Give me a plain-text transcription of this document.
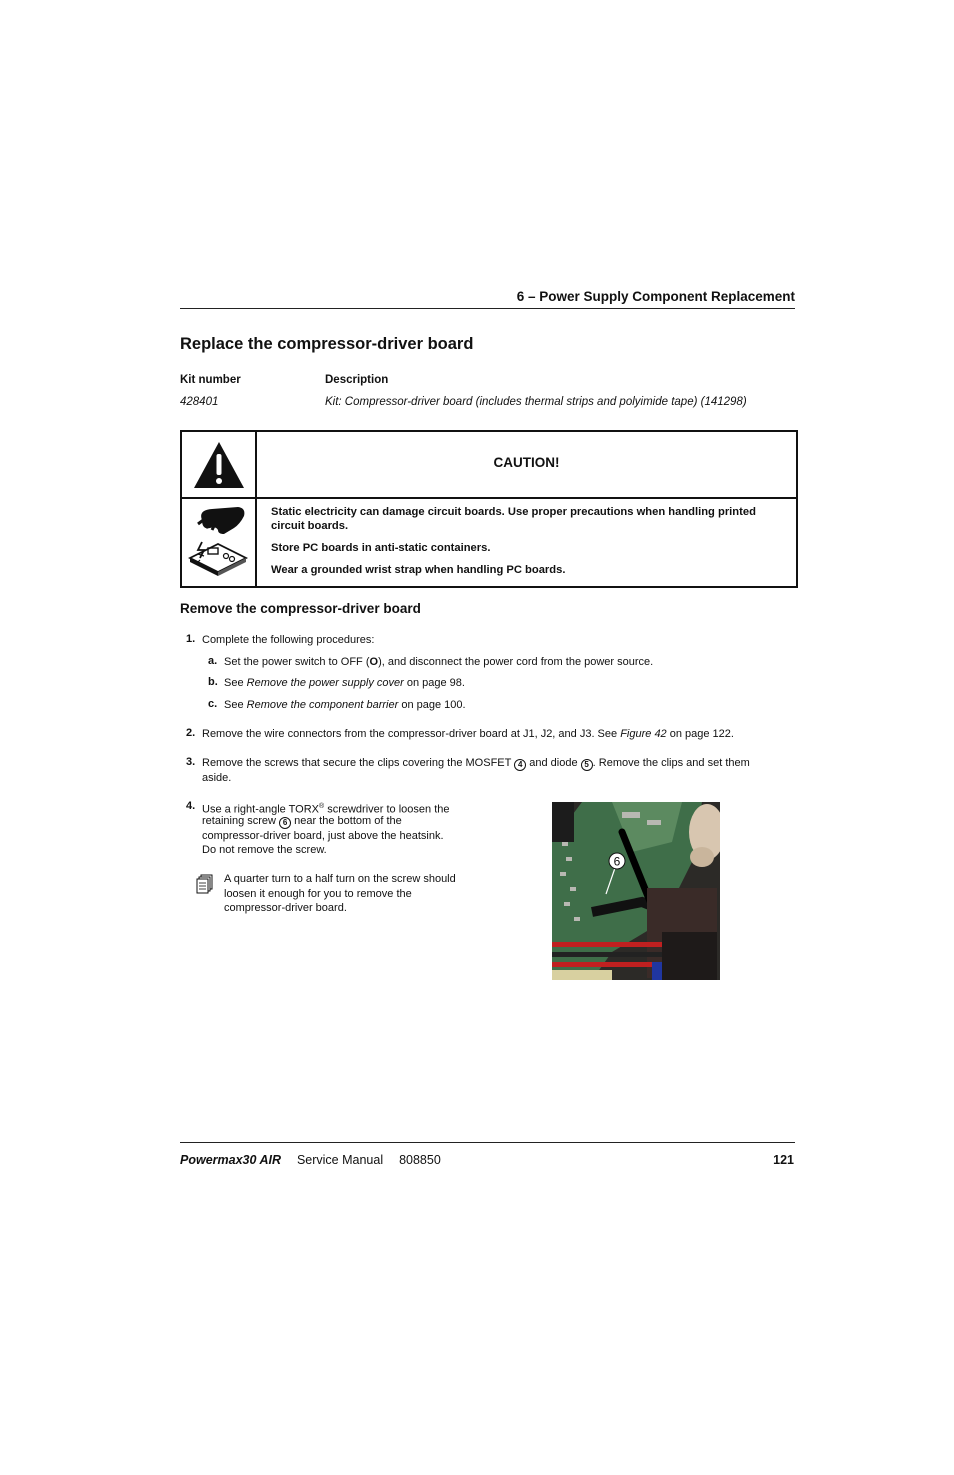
6 – Power Supply Component Replacement
Replace the compressor-driver board
Kit number	Description
428401	Kit: Compressor-driver board (includes thermal strips and polyimide tape) (141298)
CAUTION!
Static electricity can damage circuit boards. Use proper precautions when handling printed circuit boards.
Store PC boards in anti-static containers.
Wear a grounded wrist strap when handling PC boards.
Remove the compressor-driver board
1. Complete the following procedures:
a. Set the power switch to OFF (O), and disconnect the power cord from the power source.
b. See Remove the power supply cover on page 98.
c. See Remove the component barrier on page 100.
2. Remove the wire connectors from the compressor-driver board at J1, J2, and J3. See Figure 42 on page 122.
3. Remove the screws that secure the clips covering the MOSFET 4 and diode 5 . Remove the clips and set them
aside.
4. Use a right-angle TORX® screwdriver to loosen the
retaining screw 6 near the bottom of the
compressor-driver board, just above the heatsink.
Do not remove the screw.
A quarter turn to a half turn on the screw should
loosen it enough for you to remove the
compressor-driver board.
6
Powermax30 AIR Service Manual 808850	121
